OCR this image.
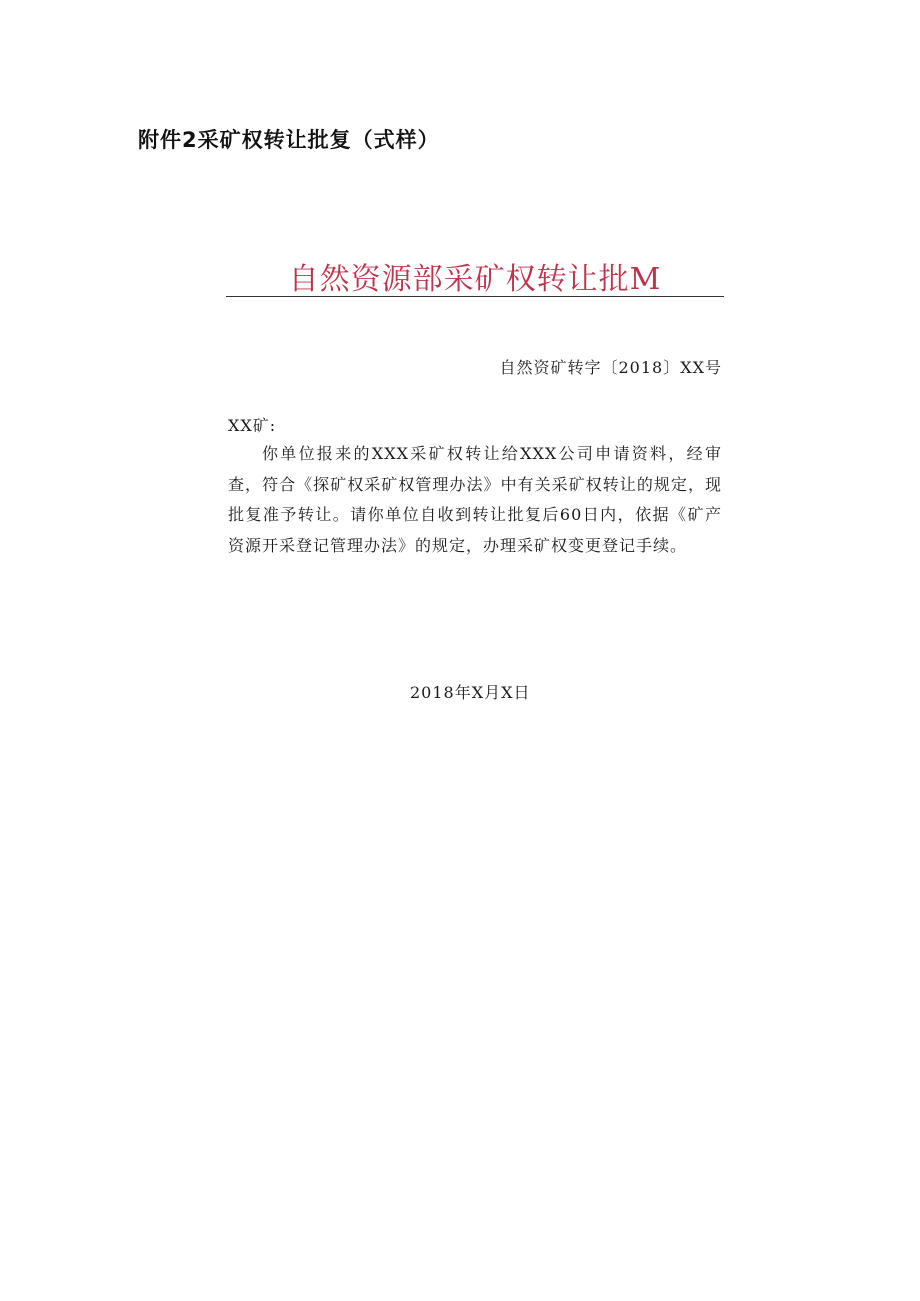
附件2采矿权转让批复（式样）
自然资源部采矿权转让批M
自然资矿转字〔2018〕XX号
XX矿:

你单位报来的XXX采矿权转让给XXX公司申请资料，经审查，符合《探矿权采矿权管理办法》中有关采矿权转让的规定，现批复准予转让。请你单位自收到转让批复后60日内，依据《矿产资源开采登记管理办法》的规定，办理采矿权变更登记手续。

2018年X月X日
